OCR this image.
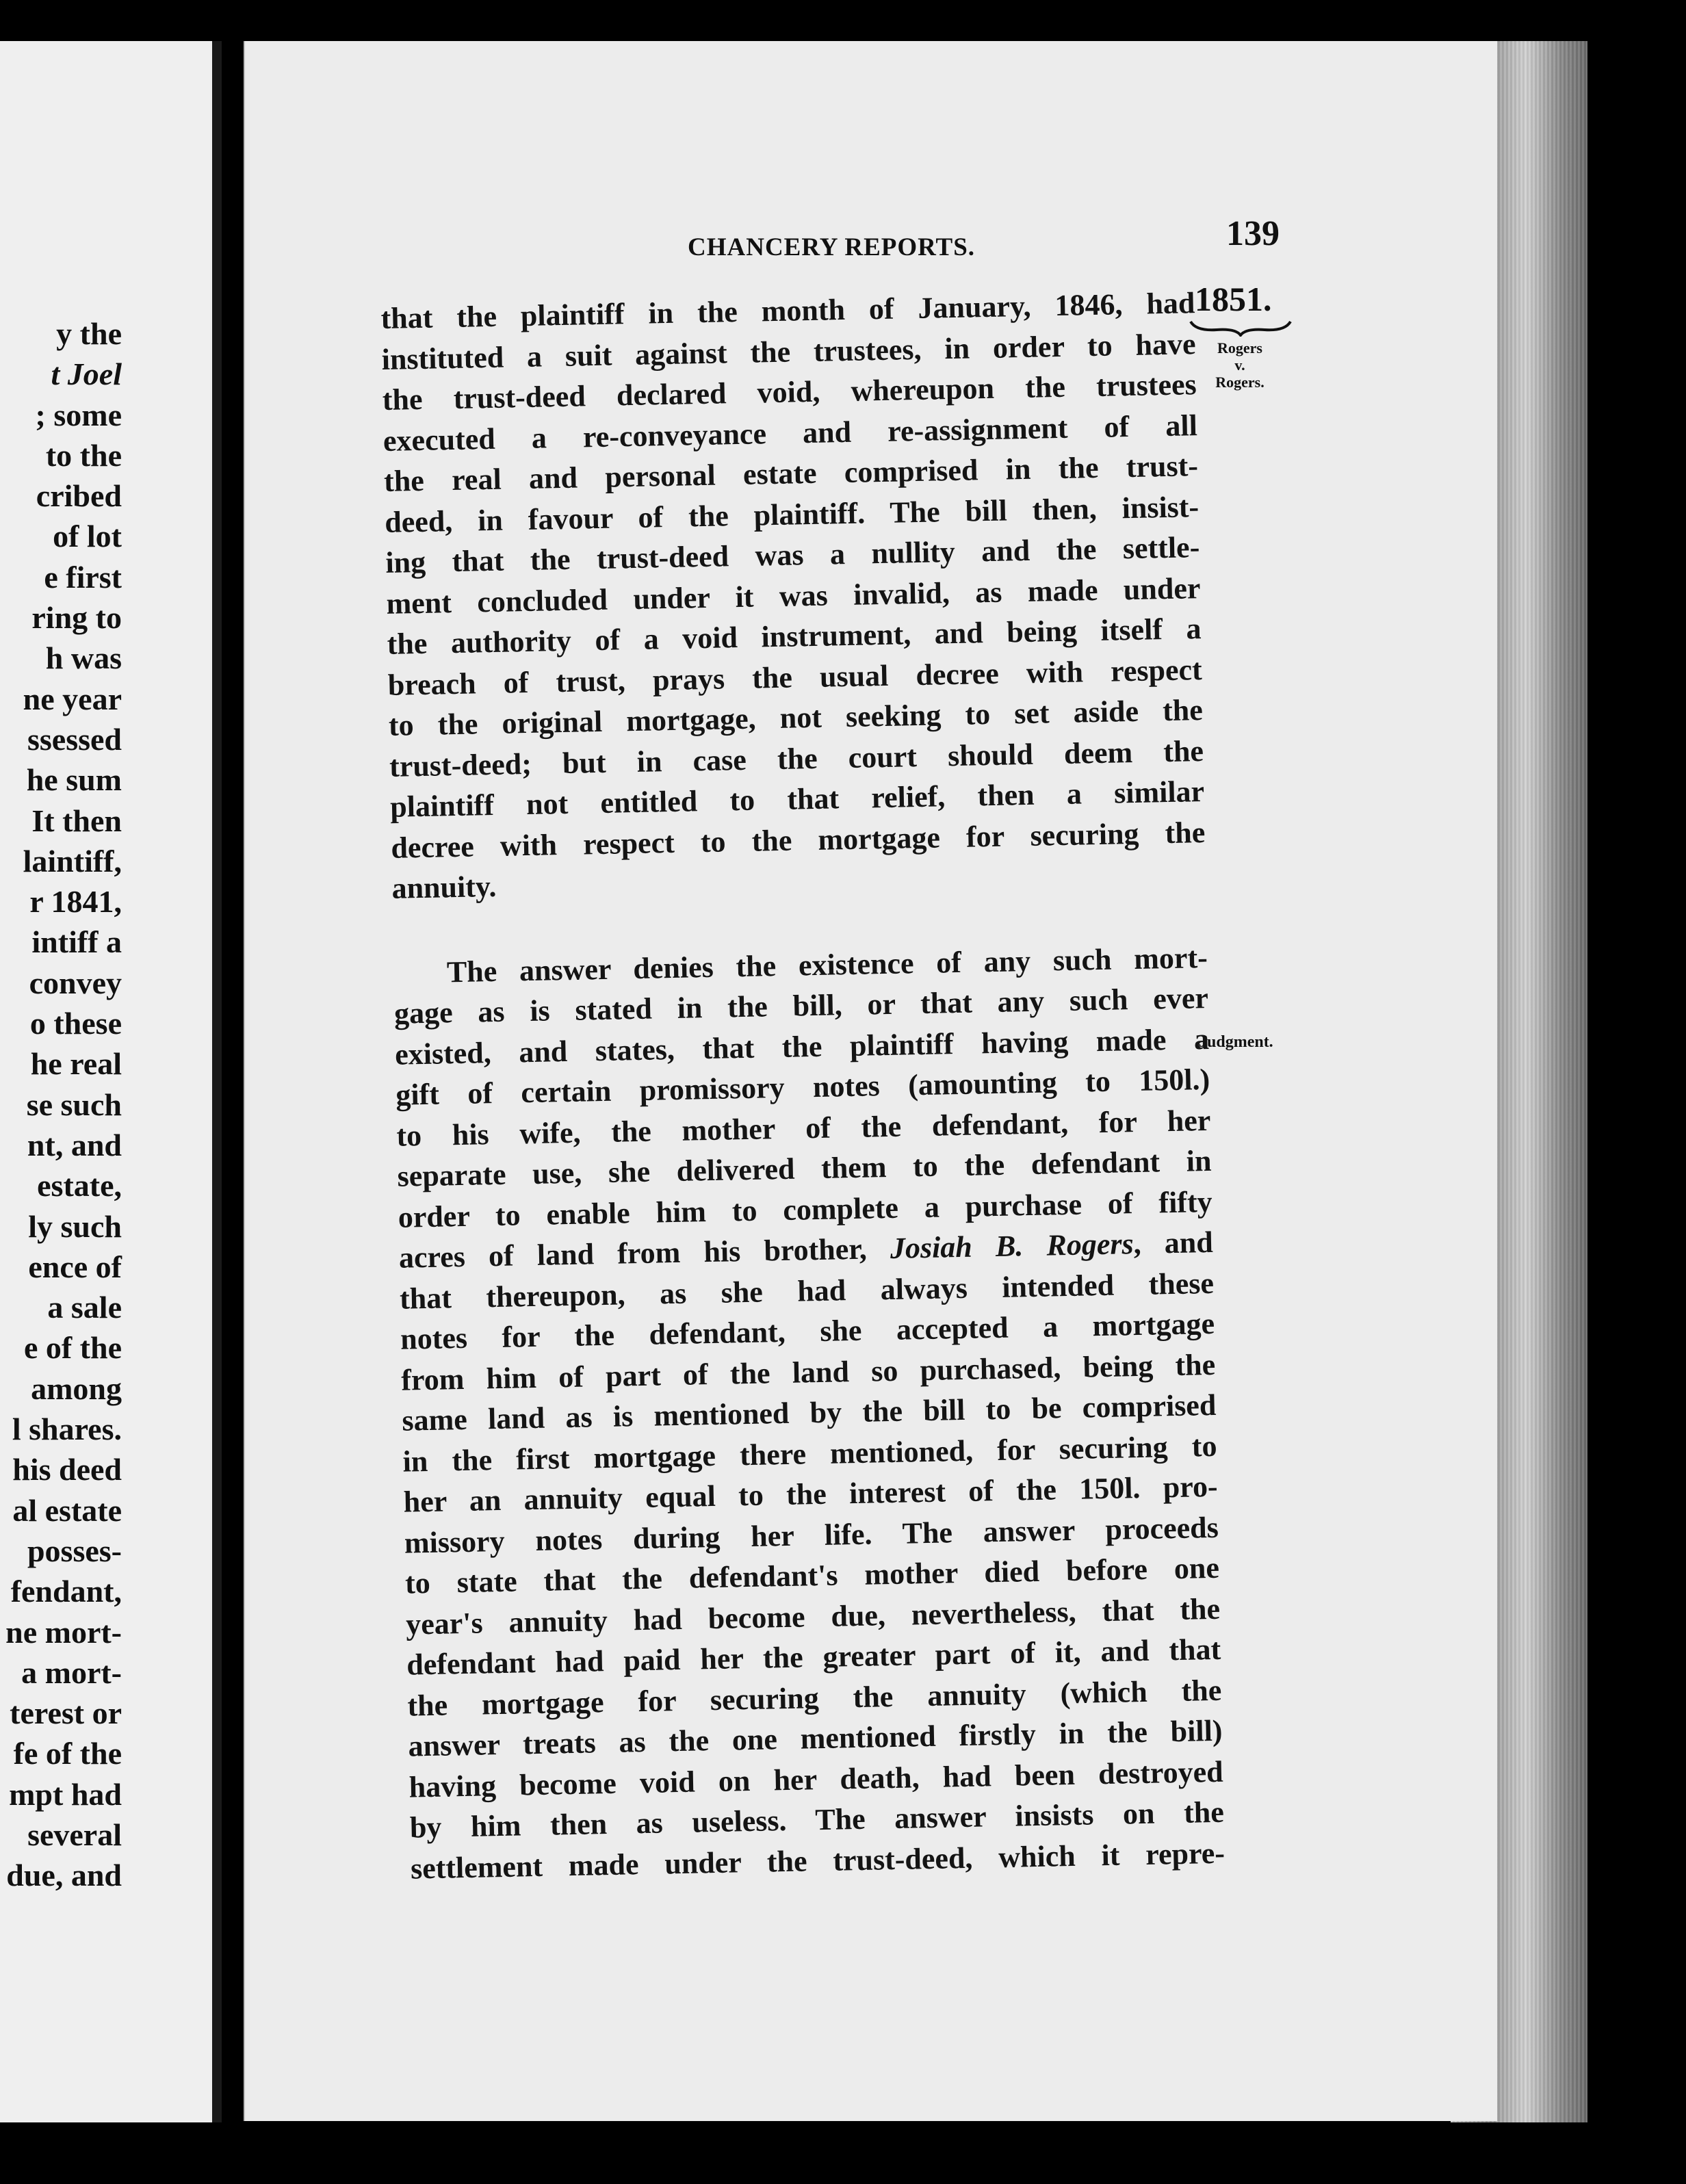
y the
t Joel
; some
to the
cribed
of lot
e first
ring to
h was
ne year
ssessed
he sum
It then
laintiff,
r 1841,
intiff a
convey
o these
he real
se such
nt, and
estate,
ly such
ence of
a sale
e of the
among
l shares.
his deed
al estate
posses-
fendant,
ne mort-
a mort-
terest or
fe of the
mpt had
several
due, and
CHANCERY REPORTS.	139
1851.
Rogers
v.
Rogers.
Judgment.
that the plaintiff in the month of January, 1846, had
instituted a suit against the trustees, in order to have
the trust-deed declared void, whereupon the trustees
executed a re-conveyance and re-assignment of all
the real and personal estate comprised in the trust-
deed, in favour of the plaintiff. The bill then, insist-
ing that the trust-deed was a nullity and the settle-
ment concluded under it was invalid, as made under
the authority of a void instrument, and being itself a
breach of trust, prays the usual decree with respect
to the original mortgage, not seeking to set aside the
trust-deed; but in case the court should deem the
plaintiff not entitled to that relief, then a similar
decree with respect to the mortgage for securing the
annuity.
The answer denies the existence of any such mort-
gage as is stated in the bill, or that any such ever
existed, and states, that the plaintiff having made a
gift of certain promissory notes (amounting to 150l.)
to his wife, the mother of the defendant, for her
separate use, she delivered them to the defendant in
order to enable him to complete a purchase of fifty
acres of land from his brother, Josiah B. Rogers, and
that thereupon, as she had always intended these
notes for the defendant, she accepted a mortgage
from him of part of the land so purchased, being the
same land as is mentioned by the bill to be comprised
in the first mortgage there mentioned, for securing to
her an annuity equal to the interest of the 150l. pro-
missory notes during her life. The answer proceeds
to state that the defendant's mother died before one
year's annuity had become due, nevertheless, that the
defendant had paid her the greater part of it, and that
the mortgage for securing the annuity (which the
answer treats as the one mentioned firstly in the bill)
having become void on her death, had been destroyed
by him then as useless. The answer insists on the
settlement made under the trust-deed, which it repre-
